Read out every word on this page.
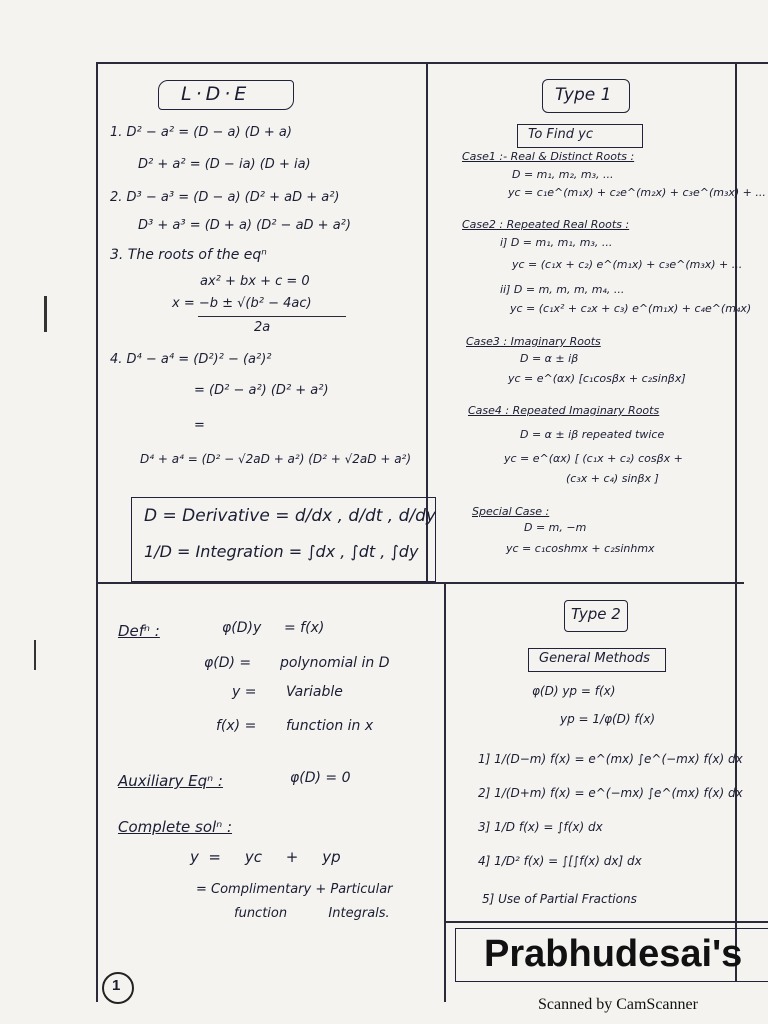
L·D·E
1. D² − a² = (D − a) (D + a)
D² + a² = (D − ia) (D + ia)
2. D³ − a³ = (D − a) (D² + aD + a²)
D³ + a³ = (D + a) (D² − aD + a²)
3. The roots of the eqⁿ
ax² + bx + c = 0
x = −b ± √(b² − 4ac)
2a
4. D⁴ − a⁴ = (D²)² − (a²)²
= (D² − a²) (D² + a²)
=
D⁴ + a⁴ = (D² − √2aD + a²) (D² + √2aD + a²)
D = Derivative = d/dx , d/dt , d/dy
1/D = Integration = ∫dx , ∫dt , ∫dy
Type 1
To Find yc
Case1 :- Real & Distinct Roots :
D = m₁, m₂, m₃, ...
yc = c₁e^(m₁x) + c₂e^(m₂x) + c₃e^(m₃x) + ...
Case2 : Repeated Real Roots :
i] D = m₁, m₁, m₃, ...
yc = (c₁x + c₂) e^(m₁x) + c₃e^(m₃x) + ...
ii] D = m, m, m, m₄, ...
yc = (c₁x² + c₂x + c₃) e^(m₁x) + c₄e^(m₄x)
Case3 : Imaginary Roots
D = α ± iβ
yc = e^(αx) [c₁cosβx + c₂sinβx]
Case4 : Repeated Imaginary Roots
D = α ± iβ repeated twice
yc = e^(αx) [ (c₁x + c₂) cosβx +
(c₃x + c₄) sinβx ]
Special Case :
D = m, −m
yc = c₁coshmx + c₂sinhmx
Defⁿ :	φ(D)y = f(x)
φ(D) = polynomial in D
y = Variable
f(x) = function in x
Auxiliary Eqⁿ :	φ(D) = 0
Complete solⁿ :
y  =     yc     +     yp
= Complimentary + Particular
function          Integrals.
Type 2
General Methods
φ(D) yp = f(x)
yp = 1/φ(D) f(x)
1] 1/(D−m) f(x) = e^(mx) ∫e^(−mx) f(x) dx
2] 1/(D+m) f(x) = e^(−mx) ∫e^(mx) f(x) dx
3] 1/D f(x) = ∫f(x) dx
4] 1/D² f(x) = ∫[∫f(x) dx] dx
5] Use of Partial Fractions
Prabhudesai's
1
Scanned by CamScanner
